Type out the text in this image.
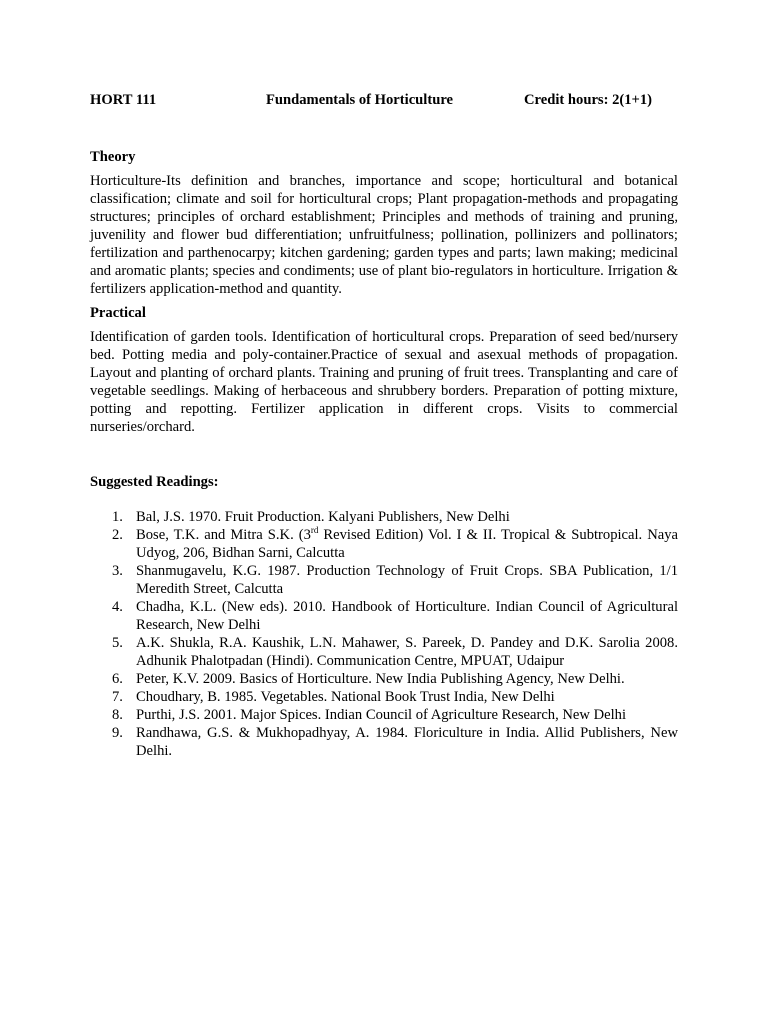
HORT 111	Fundamentals of Horticulture	Credit hours: 2(1+1)
Theory
Horticulture-Its definition and branches, importance and scope; horticultural and botanical classification; climate and soil for horticultural crops; Plant propagation-methods and propagating structures; principles of orchard establishment; Principles and methods of training and pruning, juvenility and flower bud differentiation; unfruitfulness; pollination, pollinizers and pollinators; fertilization and parthenocarpy; kitchen gardening; garden types and parts; lawn making; medicinal and aromatic plants; species and condiments; use of plant bio-regulators in horticulture. Irrigation & fertilizers application-method and quantity.
Practical
Identification of garden tools. Identification of horticultural crops. Preparation of seed bed/nursery bed. Potting media and poly-container.Practice of sexual and asexual methods of propagation. Layout and planting of orchard plants. Training and pruning of fruit trees. Transplanting and care of vegetable seedlings. Making of herbaceous and shrubbery borders. Preparation of potting mixture, potting and repotting. Fertilizer application in different crops. Visits to commercial nurseries/orchard.
Suggested Readings:
1. Bal, J.S. 1970. Fruit Production. Kalyani Publishers, New Delhi
2. Bose, T.K. and Mitra S.K. (3rd Revised Edition) Vol. I & II. Tropical & Subtropical. Naya Udyog, 206, Bidhan Sarni, Calcutta
3. Shanmugavelu, K.G. 1987. Production Technology of Fruit Crops. SBA Publication, 1/1 Meredith Street, Calcutta
4. Chadha, K.L. (New eds). 2010. Handbook of Horticulture. Indian Council of Agricultural Research, New Delhi
5. A.K. Shukla, R.A. Kaushik, L.N. Mahawer, S. Pareek, D. Pandey and D.K. Sarolia 2008. Adhunik Phalotpadan (Hindi). Communication Centre, MPUAT, Udaipur
6. Peter, K.V. 2009. Basics of Horticulture. New India Publishing Agency, New Delhi.
7. Choudhary, B. 1985. Vegetables. National Book Trust India, New Delhi
8. Purthi, J.S. 2001. Major Spices. Indian Council of Agriculture Research, New Delhi
9. Randhawa, G.S. & Mukhopadhyay, A. 1984. Floriculture in India. Allid Publishers, New Delhi.
